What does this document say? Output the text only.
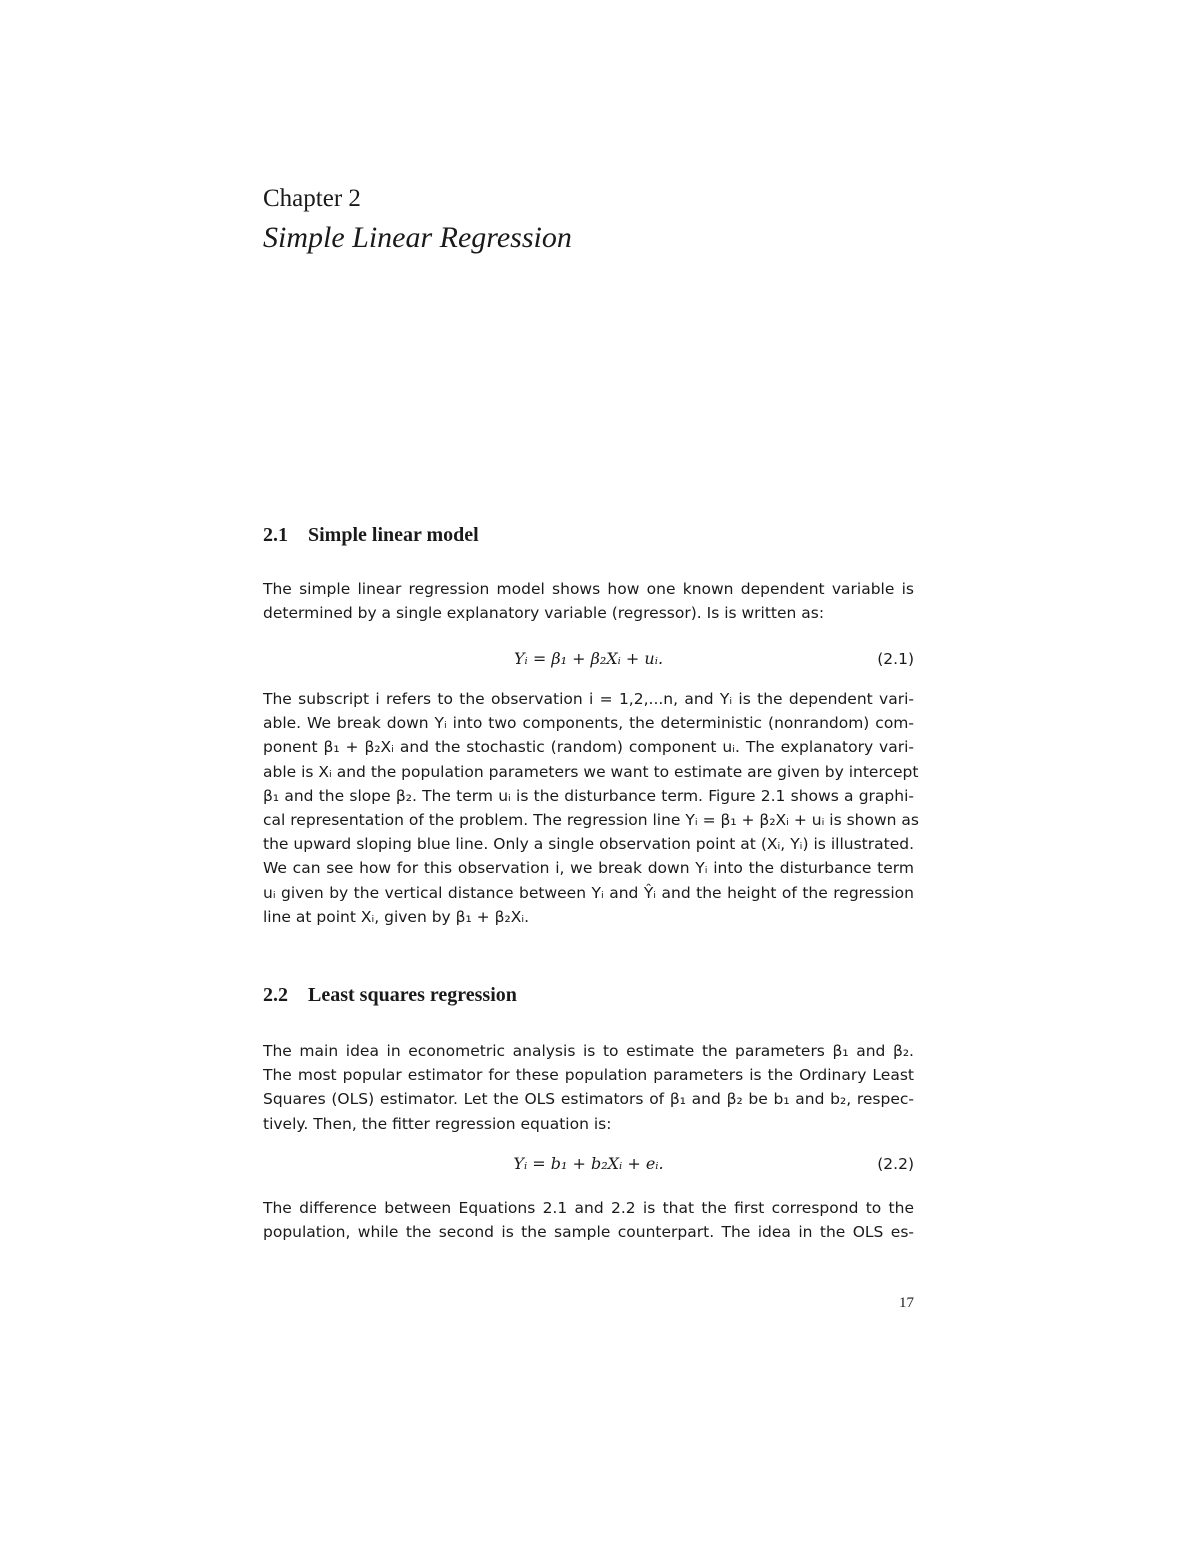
Chapter 2
Simple Linear Regression
2.1 Simple linear model
The simple linear regression model shows how one known dependent variable is
determined by a single explanatory variable (regressor). Is is written as:
Yᵢ = β₁ + β₂Xᵢ + uᵢ.	(2.1)
The subscript i refers to the observation i = 1,2,...n, and Yᵢ is the dependent vari-
able. We break down Yᵢ into two components, the deterministic (nonrandom) com-
ponent β₁ + β₂Xᵢ and the stochastic (random) component uᵢ. The explanatory vari-
able is Xᵢ and the population parameters we want to estimate are given by intercept
β₁ and the slope β₂. The term uᵢ is the disturbance term. Figure 2.1 shows a graphi-
cal representation of the problem. The regression line Yᵢ = β₁ + β₂Xᵢ + uᵢ is shown as
the upward sloping blue line. Only a single observation point at (Xᵢ, Yᵢ) is illustrated.
We can see how for this observation i, we break down Yᵢ into the disturbance term
uᵢ given by the vertical distance between Yᵢ and Ŷᵢ and the height of the regression
line at point Xᵢ, given by β₁ + β₂Xᵢ.
2.2 Least squares regression
The main idea in econometric analysis is to estimate the parameters β₁ and β₂.
The most popular estimator for these population parameters is the Ordinary Least
Squares (OLS) estimator. Let the OLS estimators of β₁ and β₂ be b₁ and b₂, respec-
tively. Then, the fitter regression equation is:
Yᵢ = b₁ + b₂Xᵢ + eᵢ.	(2.2)
The difference between Equations 2.1 and 2.2 is that the first correspond to the
population, while the second is the sample counterpart. The idea in the OLS es-
17
